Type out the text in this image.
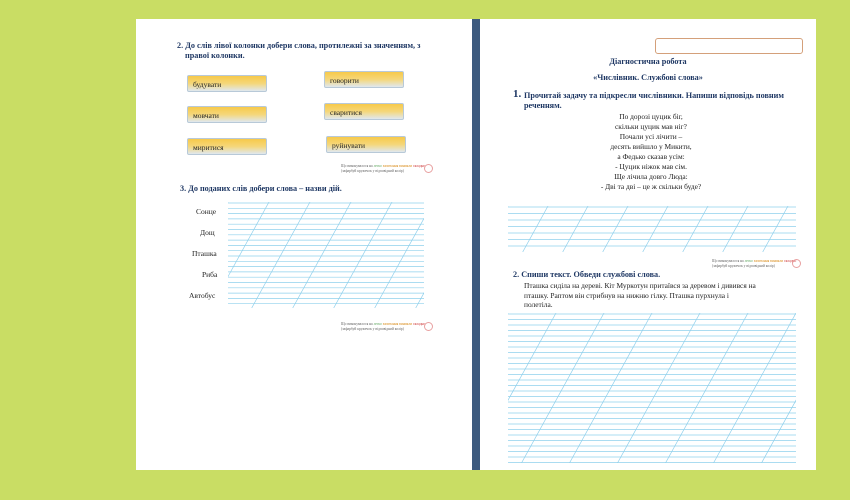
2. До слів лівої колонки добери слова, протилежні за значенням, з
правої колонки.
будувати
мовчати
миритися
говорити
сваритися
руйнувати
Що виконувалося на легко запитання виникли складно
(зафарбуй кружечок у відповідний колір)
3. До поданих слів добери слова – назви дій.
Сонце
Дощ
Пташка
Риба
Автобус
Що виконувалося на легко запитання виникли складно
(зафарбуй кружечок у відповідний колір)
Діагностична робота
«Числівник. Службові слова»
1. Прочитай задачу та підкресли числівники. Напиши відповідь повним
реченням.
По дорозі цуцик біг,
скільки цуцик мав ніг?
Почали усі лічити –
десять вийшло у Микити,
а Федько сказав усім:
- Цуцик ніжок мав сім.
Ще лічила довго Люда:
- Дві та дві – це ж скільки буде?
Що виконувалося на легко запитання виникли складно
(зафарбуй кружечок у відповідний колір)
2. Спиши текст. Обведи службові слова.
Пташка сиділа на дереві. Кіт Муркотун притаївся за деревом і дивився на
пташку. Раптом він стрибнув на нижню гілку. Пташка пурхнула і
полетіла.
